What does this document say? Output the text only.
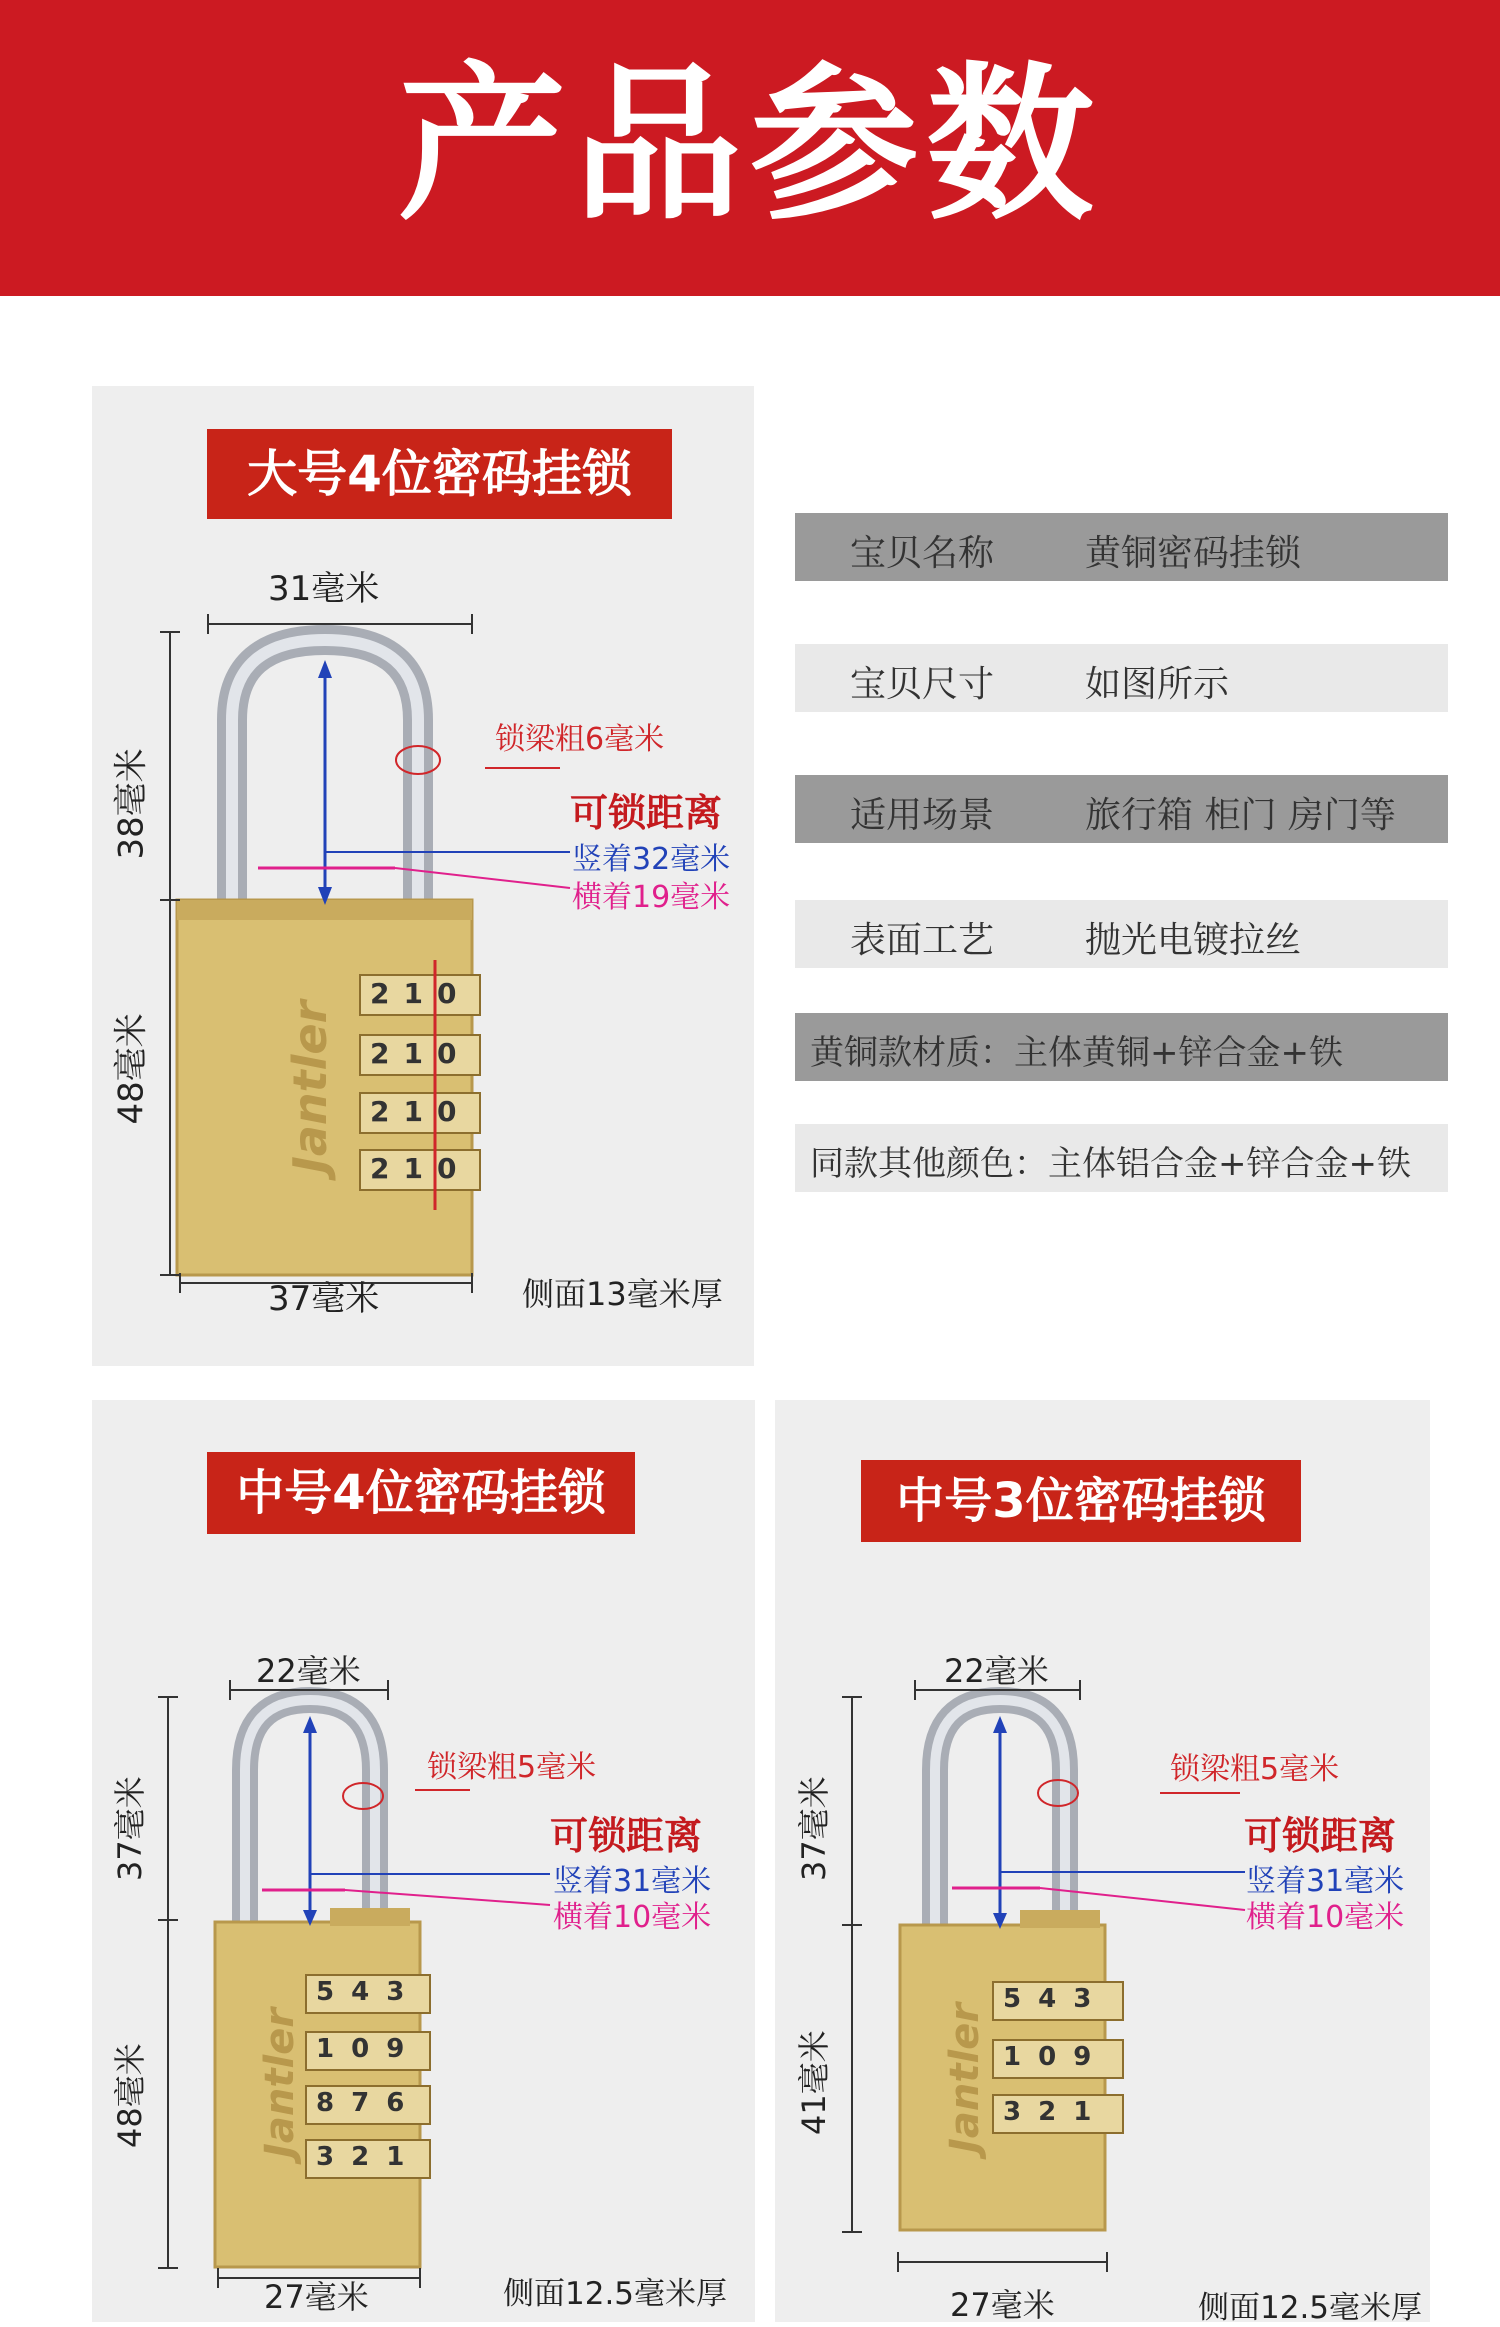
产品参数
大号4位密码挂锁
31毫米
38毫米
48毫米
37毫米	侧面13毫米厚
锁梁粗6毫米
可锁距离
竖着32毫米
横着19毫米
Jantler
210
210
210
210
宝贝名称	黄铜密码挂锁
宝贝尺寸	如图所示
适用场景	旅行箱 柜门 房门等
表面工艺	抛光电镀拉丝
黄铜款材质：主体黄铜+锌合金+铁
同款其他颜色：主体铝合金+锌合金+铁
中号4位密码挂锁
22毫米
37毫米
48毫米
27毫米	侧面12.5毫米厚
锁梁粗5毫米
可锁距离
竖着31毫米
横着10毫米
Jantler
5 4 3
1 0 9
8 7 6
3 2 1
中号3位密码挂锁
22毫米
37毫米
41毫米
27毫米	侧面12.5毫米厚
锁梁粗5毫米
可锁距离
竖着31毫米
横着10毫米
Jantler
5 4 3
1 0 9
3 2 1
